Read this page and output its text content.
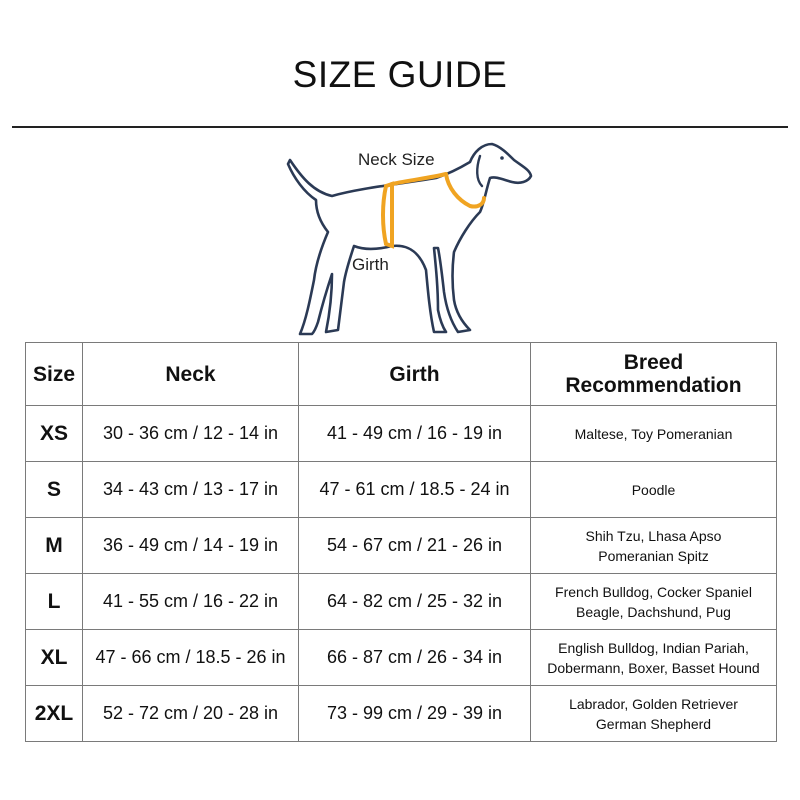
SIZE GUIDE
Neck Size
Girth
Size	Neck	Girth	Breed
Recommendation

XS	30 - 36 cm / 12 - 14 in	41 - 49 cm / 16 - 19 in	Maltese, Toy Pomeranian

S	34 - 43 cm / 13 - 17 in	47 - 61 cm / 18.5 - 24 in	Poodle

M	36 - 49 cm / 14 - 19 in	54 - 67 cm / 21 - 26 in	Shih Tzu, Lhasa Apso
Pomeranian Spitz

L	41 - 55 cm / 16 - 22 in	64 - 82 cm / 25 - 32 in	French Bulldog, Cocker Spaniel
Beagle, Dachshund, Pug

XL	47 - 66 cm / 18.5 - 26 in	66 - 87 cm / 26 - 34 in	English Bulldog, Indian Pariah,
Dobermann, Boxer, Basset Hound

2XL	52 - 72 cm / 20 - 28 in	73 - 99 cm / 29 - 39 in	Labrador, Golden Retriever
German Shepherd
